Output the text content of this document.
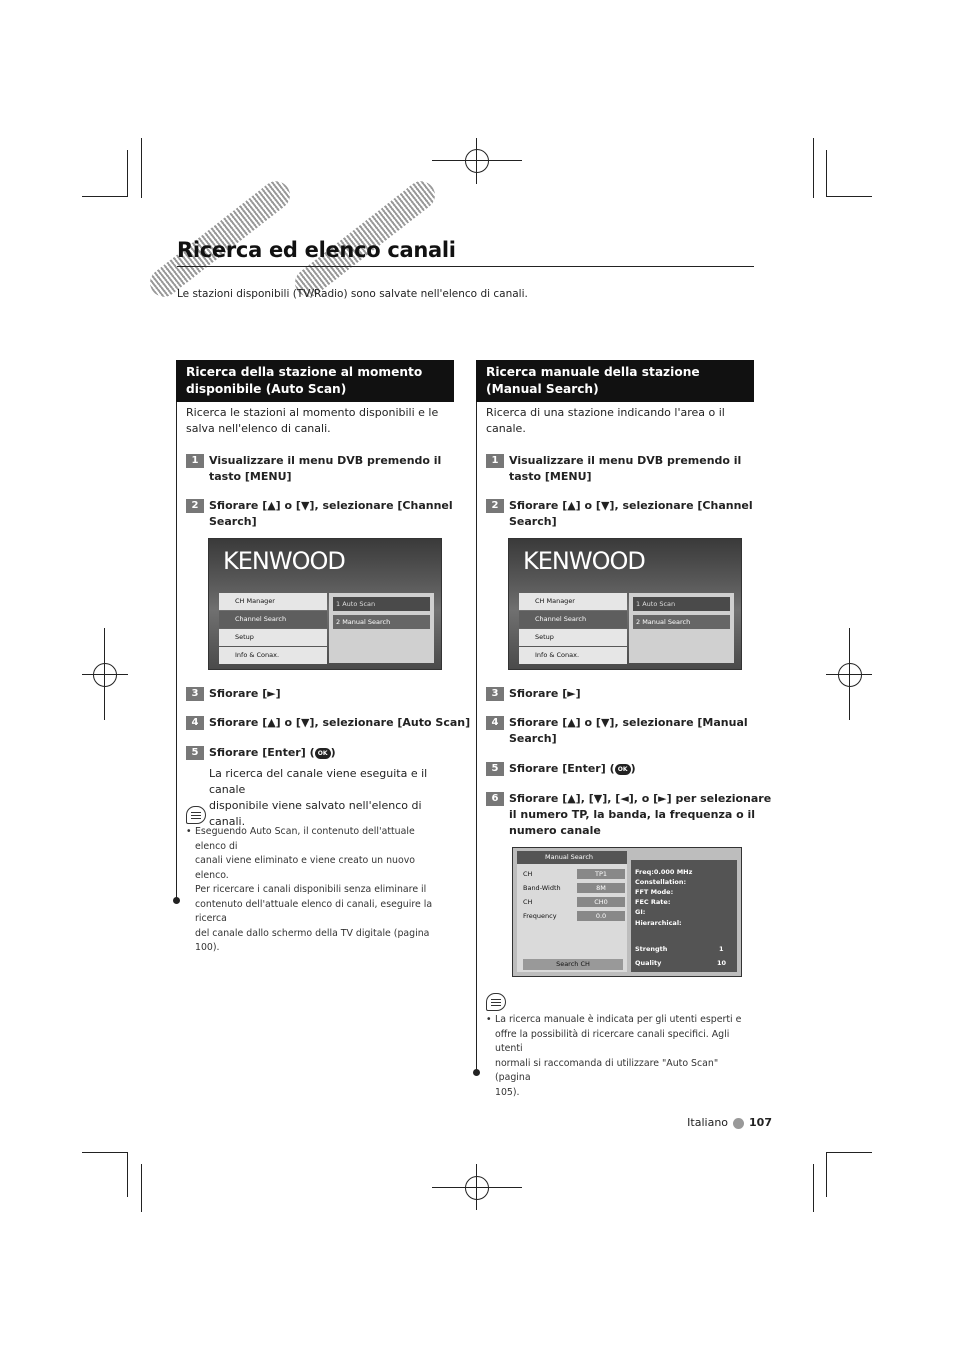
Ricerca ed elenco canali
Le stazioni disponibili (TV/Radio) sono salvate nell'elenco di canali.
Ricerca della stazione al momento
disponibile (Auto Scan)
Ricerca le stazioni al momento disponibili e le
salva nell'elenco di canali.
1 Visualizzare il menu DVB premendo il
tasto [MENU]
2 Sfiorare [▲] o [▼], selezionare [Channel
Search]
KENWOOD
CH Manager
Channel Search
Setup
Info & Conax.
1 Auto Scan
2 Manual Search
3 Sfiorare [►]
4 Sfiorare [▲] o [▼], selezionare [Auto Scan]
5 Sfiorare [Enter] ( OK )
La ricerca del canale viene eseguita e il canale
disponibile viene salvato nell'elenco di canali.
• Eseguendo Auto Scan, il contenuto dell'attuale elenco di
canali viene eliminato e viene creato un nuovo elenco.
Per ricercare i canali disponibili senza eliminare il
contenuto dell'attuale elenco di canali, eseguire la ricerca
del canale dallo schermo della TV digitale (pagina 100).
Ricerca manuale della stazione
(Manual Search)
Ricerca di una stazione indicando l'area o il
canale.
1 Visualizzare il menu DVB premendo il
tasto [MENU]
2 Sfiorare [▲] o [▼], selezionare [Channel
Search]
KENWOOD
CH Manager
Channel Search
Setup
Info & Conax.
1 Auto Scan
2 Manual Search
3 Sfiorare [►]
4 Sfiorare [▲] o [▼], selezionare [Manual
Search]
5 Sfiorare [Enter] ( OK )
6 Sfiorare [▲], [▼], [◄], o [►] per selezionare
il numero TP, la banda, la frequenza o il
numero canale
Manual Search
CH	TP1
Band-Width	8M
CH	CH0
Frequency	0.0
Search CH
Freq:0.000 MHz
Constellation:
FFT Mode:
FEC Rate:
GI:
Hierarchical:
Strength	1
Quality	10
• La ricerca manuale è indicata per gli utenti esperti e
offre la possibilità di ricercare canali specifici. Agli utenti
normali si raccomanda di utilizzare "Auto Scan" (pagina
105).
Italiano 107
